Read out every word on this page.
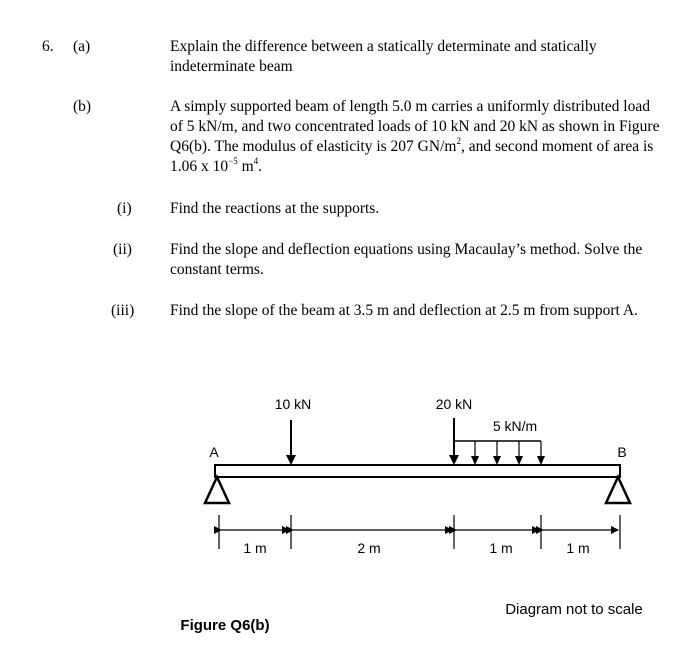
6. (a)	Explain the difference between a statically determinate and statically indeterminate beam
(b)	A simply supported beam of length 5.0 m carries a uniformly distributed load of 5 kN/m, and two concentrated loads of 10 kN and 20 kN as shown in Figure Q6(b). The modulus of elasticity is 207 $GN/m^2$, and second moment of area is 1.06 x $10^{-5}$ $m^4$.
(i) Find the reactions at the supports.
(ii) Find the slope and deflection equations using Macaulay’s method. Solve the constant terms.
(iii) Find the slope of the beam at 3.5 m and deflection at 2.5 m from support A.
10 kN	20 kN
5 kN/m
A	B
1 m	2 m	1 m	1 m
Figure Q6(b)
Diagram not to scale
